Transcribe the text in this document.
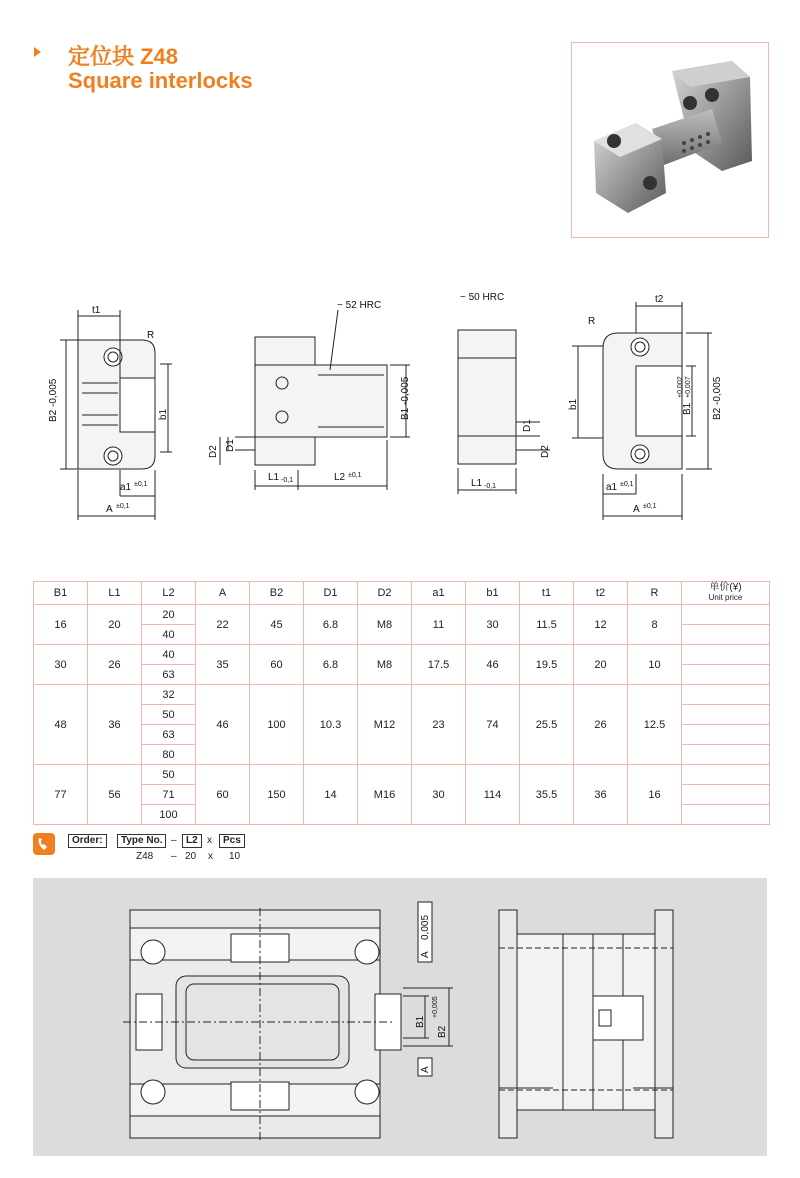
定位块 Z48
Square interlocks
t1
R
B2 -0,005	b1
a1 ±0,1
A ±0,1
~ 52 HRC
B1 -0,005
D2 D1
L1 -0,1	L2 ±0,1
~ 50 HRC
D1
D2
L1 -0,1
t2
R
b1	B1
+0,002 +0,007 B2 -0,005
a1 ±0,1
A ±0,1
B1	L1	L2	A	B2	D1	D2	a1	b1	t1	t2	R	单价(¥)
Unit price

16	20	20	22	45	6.8	M8	11	30	11.5	12	8	
		40										
30	26	40	35	60	6.8	M8	17.5	46	19.5	20	10	
		63										
48	36	32	46	100	10.3	M12	23	74	25.5	26	12.5	
		50										
		63										
		80										
77	56	50	60	150	14	M16	30	114	35.5	36	16	
		71										
		100										
Order:	Type No. – L2 x	Pcs
Z48 – 20 x 10
0,005
A
A
B1
B2
+0,005
